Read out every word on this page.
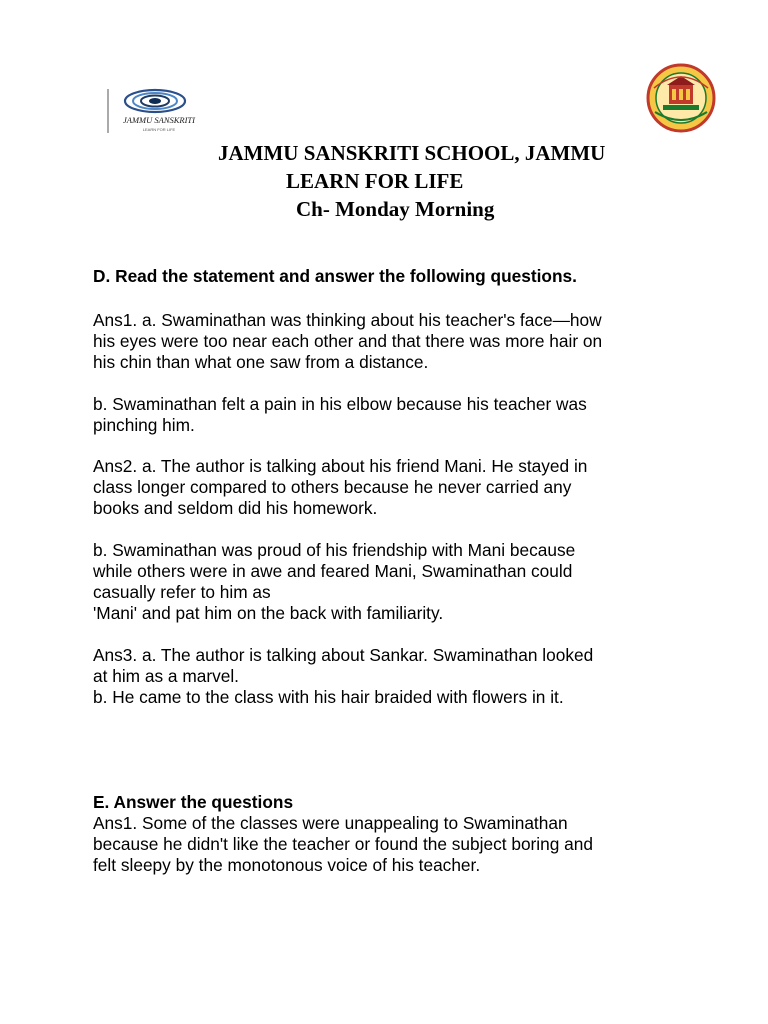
JAMMU SANSKRITI
LEARN FOR LIFE
JAMMU SANSKRITI SCHOOL, JAMMU
LEARN FOR LIFE
Ch- Monday Morning
D. Read the statement and answer the following questions.
Ans1. a. Swaminathan was thinking about his teacher's face—how
his eyes were too near each other and that there was more hair on
his chin than what one saw from a distance.
b. Swaminathan felt a pain in his elbow because his teacher was
pinching him.
Ans2. a. The author is talking about his friend Mani. He stayed in
class longer compared to others because he never carried any
books and seldom did his homework.
b. Swaminathan was proud of his friendship with Mani because
while others were in awe and feared Mani, Swaminathan could
casually refer to him as
'Mani' and pat him on the back with familiarity.
Ans3. a. The author is talking about Sankar. Swaminathan looked
at him as a marvel.
b. He came to the class with his hair braided with flowers in it.
E. Answer the questions
Ans1. Some of the classes were unappealing to Swaminathan
because he didn't like the teacher or found the subject boring and
felt sleepy by the monotonous voice of his teacher.
